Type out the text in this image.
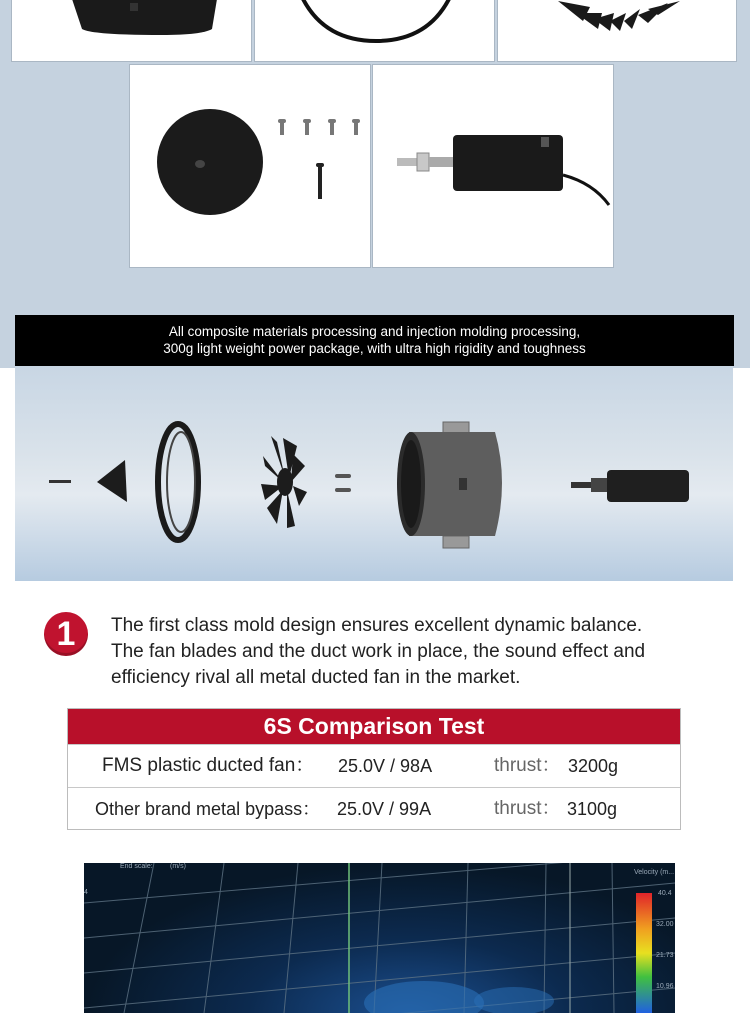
All composite materials processing and injection molding processing,
300g light weight power package, with ultra high rigidity and toughness
1	The first class mold design ensures excellent dynamic balance.
The fan blades and the duct work in place, the sound effect and
efficiency rival all metal ducted fan in the market.
6S Comparison Test
FMS plastic ducted fan： 25.0V / 98A	thrust： 3200g
Other brand metal bypass： 25.0V / 99A	thrust： 3100g
End scale: (m/s)
Velocity (m...
4	40.4
32.00
21.73
10.96
